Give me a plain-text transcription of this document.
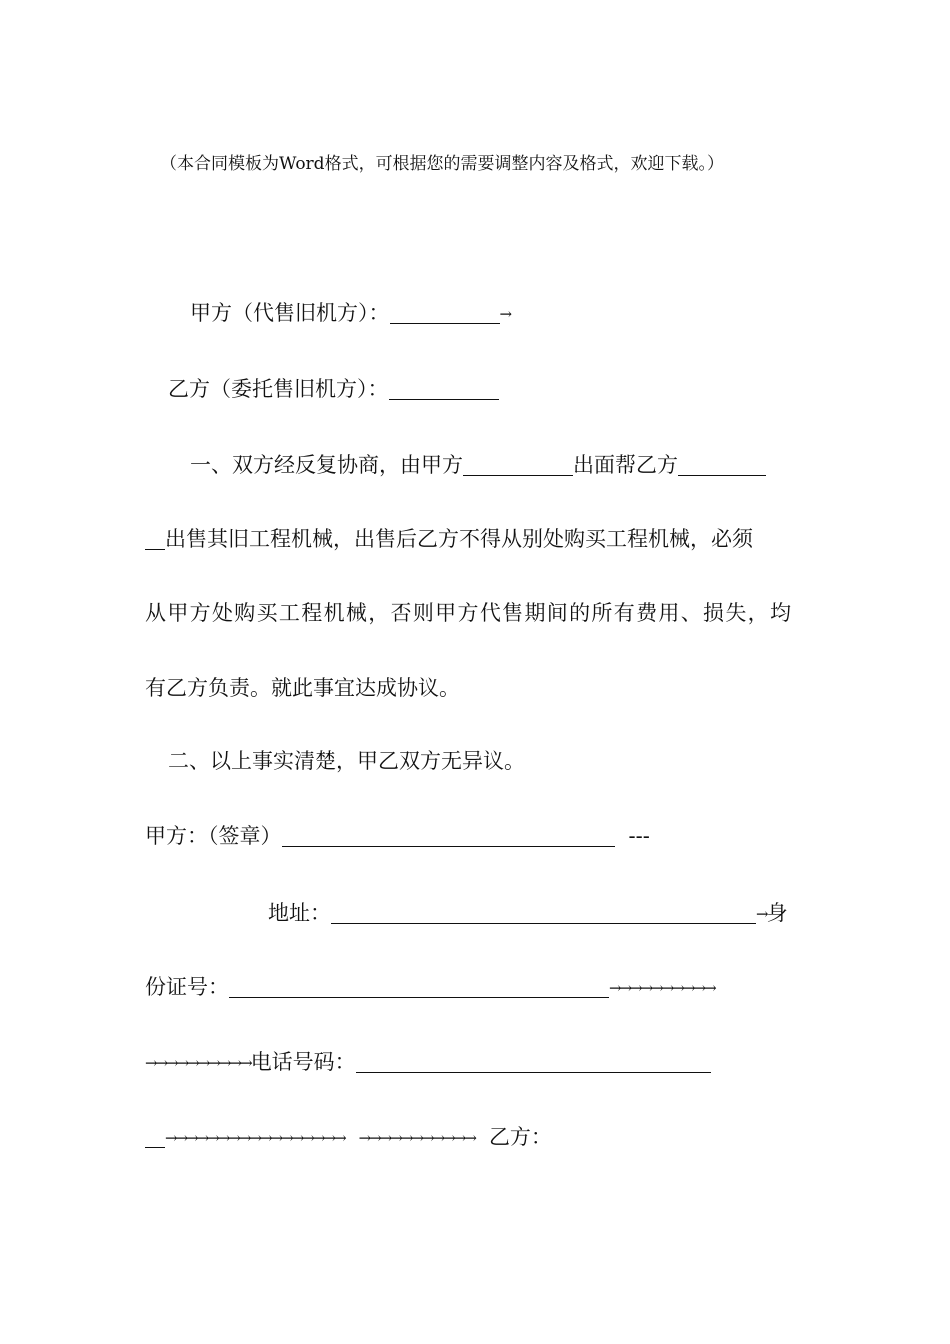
（本合同模板为Word格式，可根据您的需要调整内容及格式，欢迎下载。）
甲方（代售旧机方）：	→
乙方（委托售旧机方）：
一、双方经反复协商，由甲方	出面帮乙方
出售其旧工程机械，出售后乙方不得从别处购买工程机械，必须
从甲方处购买工程机械，否则甲方代售期间的所有费用、损失，均
有乙方负责。就此事宜达成协议。
二、以上事实清楚，甲乙双方无异议。
甲方：（签章）	---
地址：	→身
份证号：	→→→→→→→→→→
→→→→→→→→→→电话号码：
→→→→→→→→→→→→→→→→→ →→→→→→→→→→→ 乙方：
